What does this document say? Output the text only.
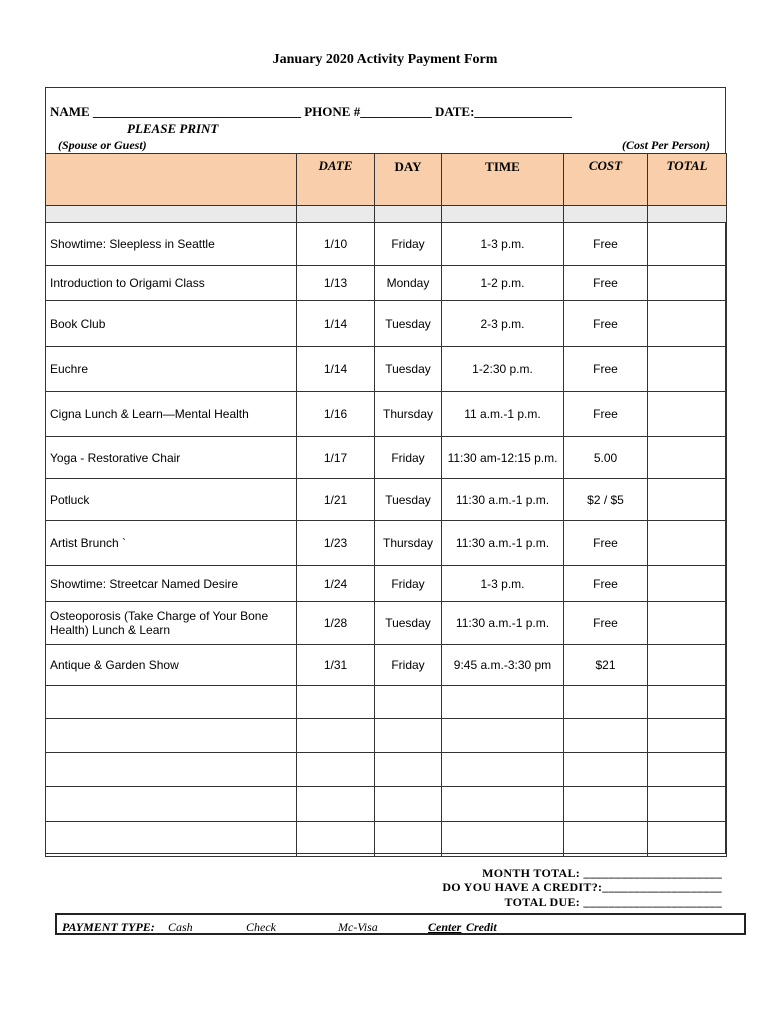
January 2020 Activity Payment Form
NAME ________________________________ PHONE #___________ DATE:_______________
PLEASE PRINT
(Spouse or Guest)	(Cost Per Person)
	DATE	DAY	TIME	COST	TOTAL

Showtime: Sleepless in Seattle	1/10	Friday	1-3 p.m.	Free	
Introduction to Origami Class	1/13	Monday	1-2 p.m.	Free	
Book Club	1/14	Tuesday	2-3 p.m.	Free	
Euchre	1/14	Tuesday	1-2:30 p.m.	Free	
Cigna Lunch & Learn—Mental Health	1/16	Thursday	11 a.m.-1 p.m.	Free	
Yoga - Restorative Chair	1/17	Friday	11:30 am-12:15 p.m.	5.00	
Potluck	1/21	Tuesday	11:30 a.m.-1 p.m.	$2 / $5	
Artist Brunch `	1/23	Thursday	11:30 a.m.-1 p.m.	Free	
Showtime: Streetcar Named Desire	1/24	Friday	1-3 p.m.	Free	
Osteoporosis (Take Charge of Your Bone Health) Lunch & Learn	1/28	Tuesday	11:30 a.m.-1 p.m.	Free	
Antique & Garden Show	1/31	Friday	9:45 a.m.-3:30 pm	$21	

MONTH TOTAL: ______________________
DO YOU HAVE A CREDIT?:___________________
TOTAL DUE: ______________________
PAYMENT TYPE: Cash	Check	Mc-Visa	Center Credit
